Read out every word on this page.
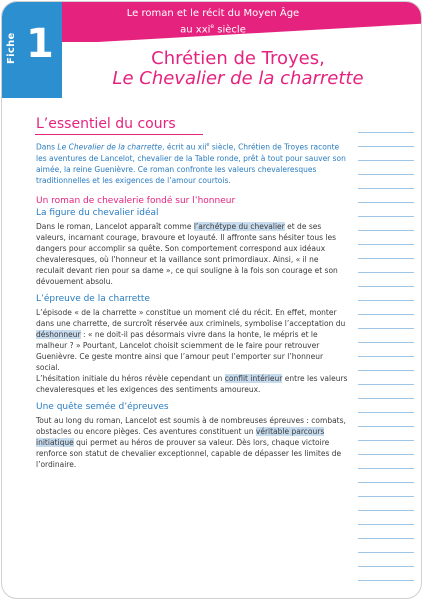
Fiche 1
Le roman et le récit du Moyen Âge
au xxi$^e$ siècle
Chrétien de Troyes,
Le Chevalier de la charrette
L’essentiel du cours

Dans Le Chevalier de la charrette, écrit au xii$^e$ siècle, Chrétien de Troyes raconte les aventures de Lancelot, chevalier de la Table ronde, prêt à tout pour sauver son aimée, la reine Guenièvre. Ce roman confronte les valeurs chevaleresques traditionnelles et les exigences de l’amour courtois.

Un roman de chevalerie fondé sur l’honneur

La figure du chevalier idéal

Dans le roman, Lancelot apparaît comme l’archétype du chevalier et de ses valeurs, incarnant courage, bravoure et loyauté. Il affronte sans hésiter tous les dangers pour accomplir sa quête. Son comportement correspond aux idéaux chevaleresques, où l’honneur et la vaillance sont primordiaux. Ainsi, « il ne reculait devant rien pour sa dame », ce qui souligne à la fois son courage et son dévouement absolu.

L’épreuve de la charrette

L’épisode « de la charrette » constitue un moment clé du récit. En effet, monter dans une charrette, de surcroît réservée aux criminels, symbolise l’acceptation du déshonneur : « ne doit-il pas désormais vivre dans la honte, le mépris et le malheur ? » Pourtant, Lancelot choisit sciemment de le faire pour retrouver Guenièvre. Ce geste montre ainsi que l’amour peut l’emporter sur l’honneur social.

L’hésitation initiale du héros révèle cependant un conflit intérieur entre les valeurs chevaleresques et les exigences des sentiments amoureux.

Une quête semée d’épreuves

Tout au long du roman, Lancelot est soumis à de nombreuses épreuves : combats, obstacles ou encore pièges. Ces aventures constituent un véritable parcours initiatique qui permet au héros de prouver sa valeur. Dès lors, chaque victoire renforce son statut de chevalier exceptionnel, capable de dépasser les limites de l’ordinaire.
